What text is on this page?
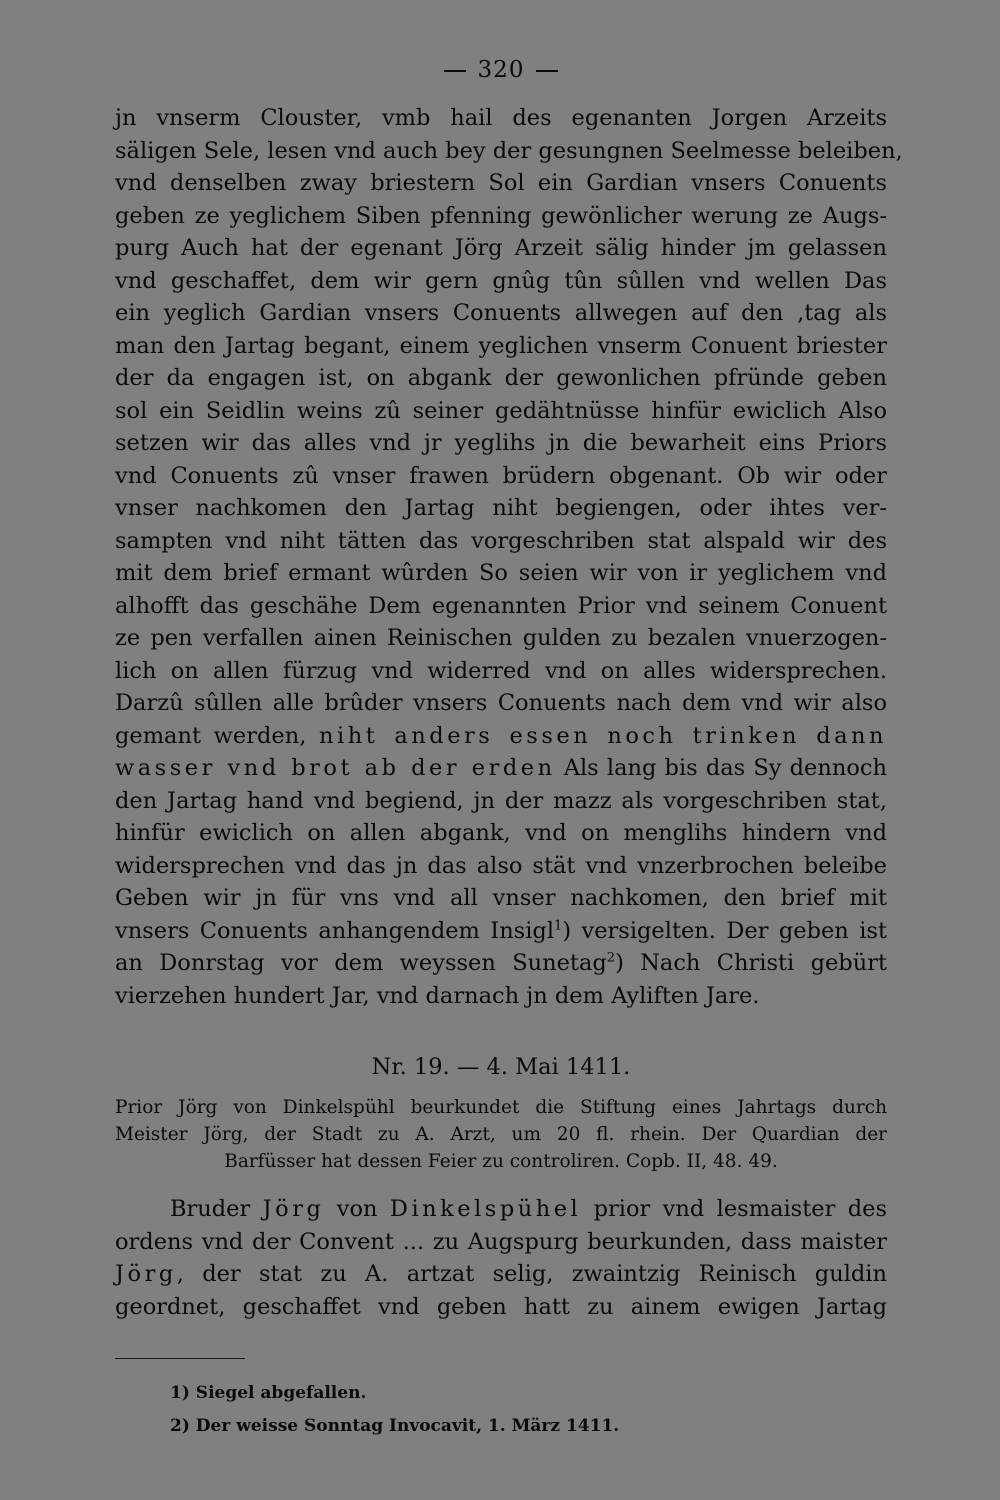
320
jn vnserm Clouster, vmb hail des egenanten Jorgen Arzeits
säligen Sele, lesen vnd auch bey der gesungnen Seelmesse beleiben,
vnd denselben zway briestern Sol ein Gardian vnsers Conuents
geben ze yeglichem Siben pfenning gewönlicher werung ze Augs-
purg Auch hat der egenant Jörg Arzeit sälig hinder jm gelassen
vnd geschaffet, dem wir gern gnûg tûn sûllen vnd wellen Das
ein yeglich Gardian vnsers Conuents allwegen auf den ,tag als
man den Jartag begant, einem yeglichen vnserm Conuent briester
der da engagen ist, on abgank der gewonlichen pfründe geben
sol ein Seidlin weins zû seiner gedähtnüsse hinfür ewiclich Also
setzen wir das alles vnd jr yeglihs jn die bewarheit eins Priors
vnd Conuents zû vnser frawen brüdern obgenant. Ob wir oder
vnser nachkomen den Jartag niht begiengen, oder ihtes ver-
sampten vnd niht tätten das vorgeschriben stat alspald wir des
mit dem brief ermant wûrden So seien wir von ir yeglichem vnd
alhofft das geschähe Dem egenannten Prior vnd seinem Conuent
ze pen verfallen ainen Reinischen gulden zu bezalen vnuerzogen-
lich on allen fürzug vnd widerred vnd on alles widersprechen.
Darzû sûllen alle brûder vnsers Conuents nach dem vnd wir also
gemant werden, niht anders essen noch trinken dann
wasser vnd brot ab der erden Als lang bis das Sy dennoch
den Jartag hand vnd begiend, jn der mazz als vorgeschriben stat,
hinfür ewiclich on allen abgank, vnd on menglihs hindern vnd
widersprechen vnd das jn das also stät vnd vnzerbrochen beleibe
Geben wir jn für vns vnd all vnser nachkomen, den brief mit
vnsers Conuents anhangendem Insigl$^1$) versigelten. Der geben ist
an Donrstag vor dem weyssen Sunetag$^2$) Nach Christi gebürt
vierzehen hundert Jar, vnd darnach jn dem Ayliften Jare.
Nr. 19. — 4. Mai 1411.
Prior Jörg von Dinkelspühl beurkundet die Stiftung eines Jahrtags durch
Meister Jörg, der Stadt zu A. Arzt, um 20 fl. rhein. Der Quardian der
Barfüsser hat dessen Feier zu controliren. Copb. II, 48. 49.
Bruder Jörg von Dinkelspühel prior vnd lesmaister des
ordens vnd der Convent ... zu Augspurg beurkunden, dass maister
Jörg, der stat zu A. artzat selig, zwaintzig Reinisch guldin
geordnet, geschaffet vnd geben hatt zu ainem ewigen Jartag
1) Siegel abgefallen.
2) Der weisse Sonntag Invocavit, 1. März 1411.
